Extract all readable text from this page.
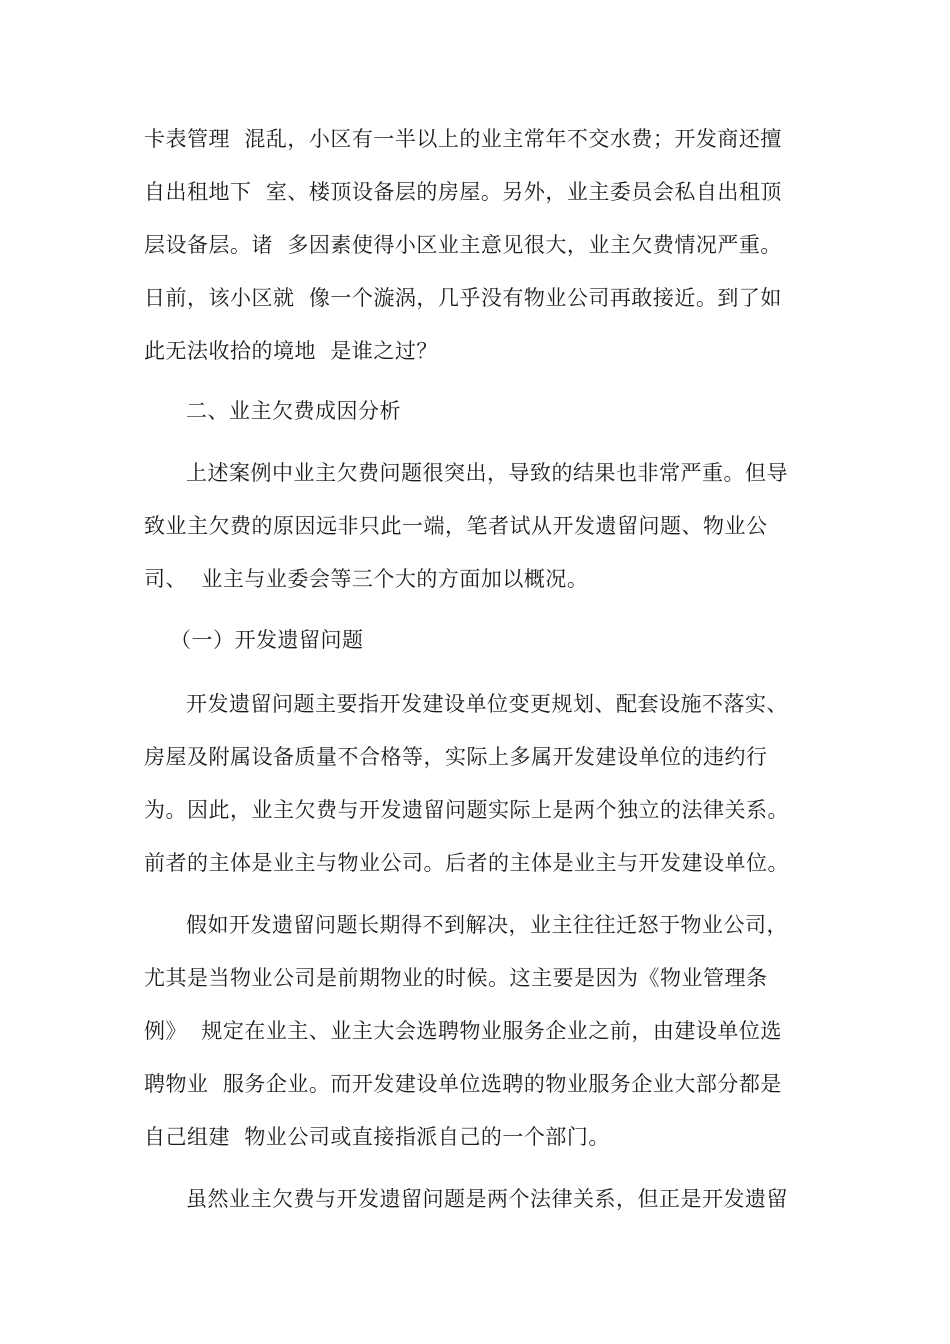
卡表管理  混乱，小区有一半以上的业主常年不交水费；开发商还擅
自出租地下  室、楼顶设备层的房屋。另外，业主委员会私自出租顶
层设备层。诸  多因素使得小区业主意见很大，业主欠费情况严重。
日前，该小区就  像一个漩涡，几乎没有物业公司再敢接近。到了如
此无法收拾的境地  是谁之过？
二、业主欠费成因分析
上述案例中业主欠费问题很突出，导致的结果也非常严重。但导
致业主欠费的原因远非只此一端，笔者试从开发遗留问题、物业公
司、  业主与业委会等三个大的方面加以概况。
（一）开发遗留问题
开发遗留问题主要指开发建设单位变更规划、配套设施不落实、
房屋及附属设备质量不合格等，实际上多属开发建设单位的违约行
为。因此，业主欠费与开发遗留问题实际上是两个独立的法律关系。
前者的主体是业主与物业公司。后者的主体是业主与开发建设单位。
假如开发遗留问题长期得不到解决，业主往往迁怒于物业公司，
尤其是当物业公司是前期物业的时候。这主要是因为《物业管理条
例》  规定在业主、业主大会选聘物业服务企业之前，由建设单位选
聘物业  服务企业。而开发建设单位选聘的物业服务企业大部分都是
自己组建  物业公司或直接指派自己的一个部门。
虽然业主欠费与开发遗留问题是两个法律关系，但正是开发遗留
